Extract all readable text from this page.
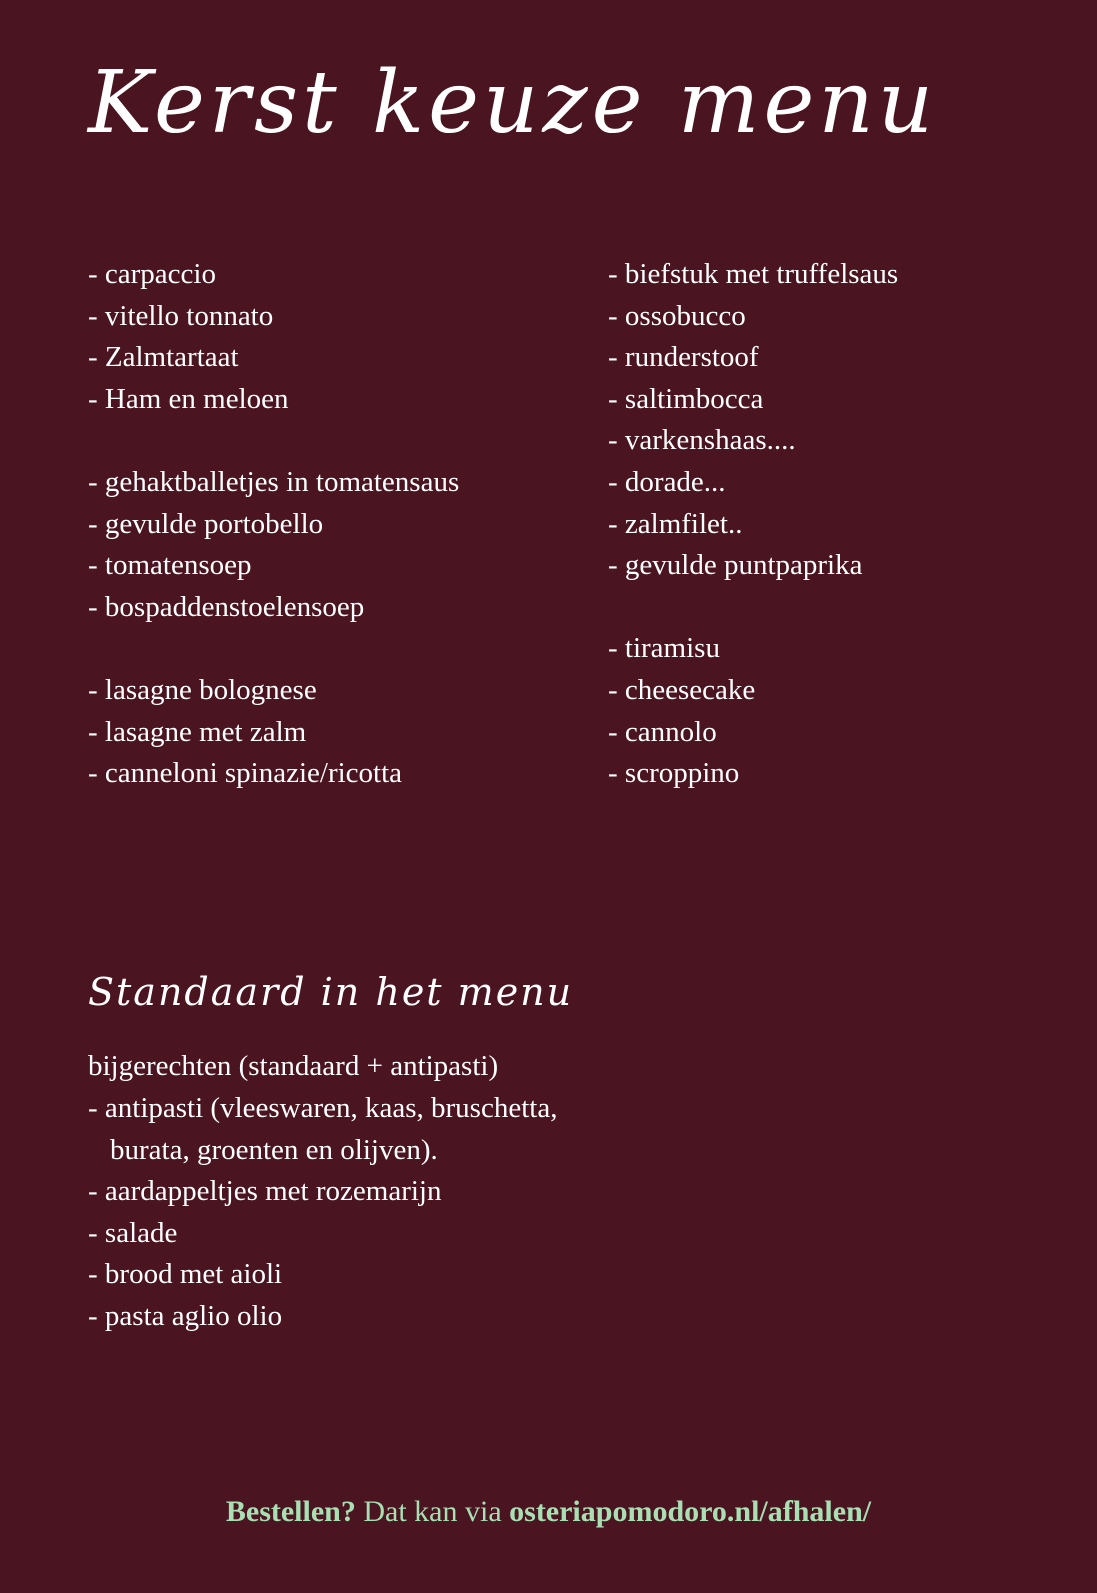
Kerst keuze menu
- carpaccio
- vitello tonnato
- Zalmtartaat
- Ham en meloen
- gehaktballetjes in tomatensaus
- gevulde portobello
- tomatensoep
- bospaddenstoelensoep
- lasagne bolognese
- lasagne met zalm
- canneloni spinazie/ricotta
- biefstuk met truffelsaus
- ossobucco
- runderstoof
- saltimbocca
- varkenshaas....
- dorade...
- zalmfilet..
- gevulde puntpaprika
- tiramisu
- cheesecake
- cannolo
- scroppino
Standaard in het menu

bijgerechten (standaard + antipasti)

- antipasti (vleeswaren, kaas, bruschetta,
burata, groenten en olijven).
- aardappeltjes met rozemarijn
- salade
- brood met aioli
- pasta aglio olio

Bestellen? Dat kan via osteriapomodoro.nl/afhalen/
